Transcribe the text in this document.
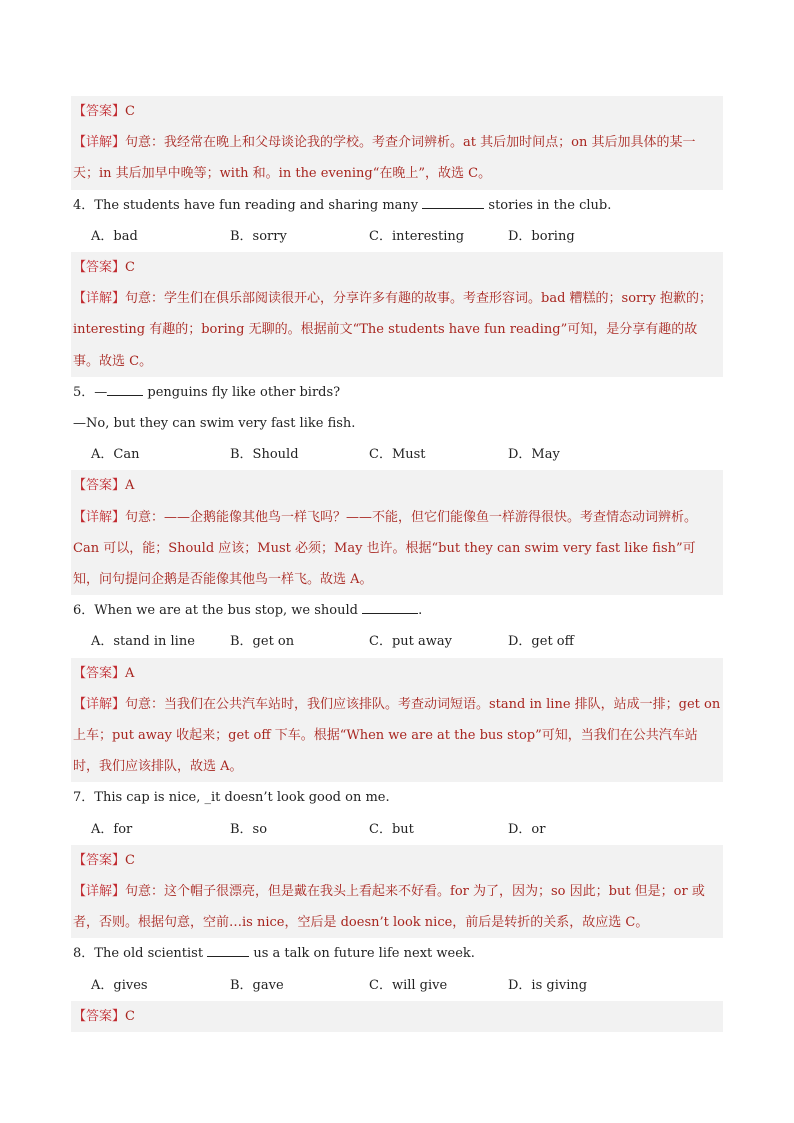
【答案】C
【详解】句意：我经常在晚上和父母谈论我的学校。考查介词辨析。at 其后加时间点；on 其后加具体的某一天；in 其后加早中晚等；with 和。in the evening“在晚上”，故选 C。
4．The students have fun reading and sharing many	stories in the club.
A．bad	B．sorry	C．interesting	D．boring
【答案】C
【详解】句意：学生们在俱乐部阅读很开心，分享许多有趣的故事。考查形容词。bad 糟糕的；sorry 抱歉的；interesting 有趣的；boring 无聊的。根据前文“The students have fun reading”可知，是分享有趣的故事。故选 C。
5．—	penguins fly like other birds?
—No, but they can swim very fast like fish.
A．Can	B．Should	C．Must	D．May
【答案】A
【详解】句意：——企鹅能像其他鸟一样飞吗？——不能，但它们能像鱼一样游得很快。考查情态动词辨析。Can 可以，能；Should 应该；Must 必须；May 也许。根据“but they can swim very fast like fish”可知，问句提问企鹅是否能像其他鸟一样飞。故选 A。
6．When we are at the bus stop, we should	.
A．stand in line	B．get on	C．put away	D．get off
【答案】A
【详解】句意：当我们在公共汽车站时，我们应该排队。考查动词短语。stand in line 排队，站成一排；get on 上车；put away 收起来；get off 下车。根据“When we are at the bus stop”可知，当我们在公共汽车站时，我们应该排队，故选 A。
7．This cap is nice, _it doesn’t look good on me.
A．for	B．so	C．but	D．or
【答案】C
【详解】句意：这个帽子很漂亮，但是戴在我头上看起来不好看。for 为了，因为；so 因此；but 但是；or 或者，否则。根据句意，空前…is nice，空后是 doesn’t look nice，前后是转折的关系，故应选 C。
8．The old scientist	us a talk on future life next week.
A．gives	B．gave	C．will give	D．is giving
【答案】C
